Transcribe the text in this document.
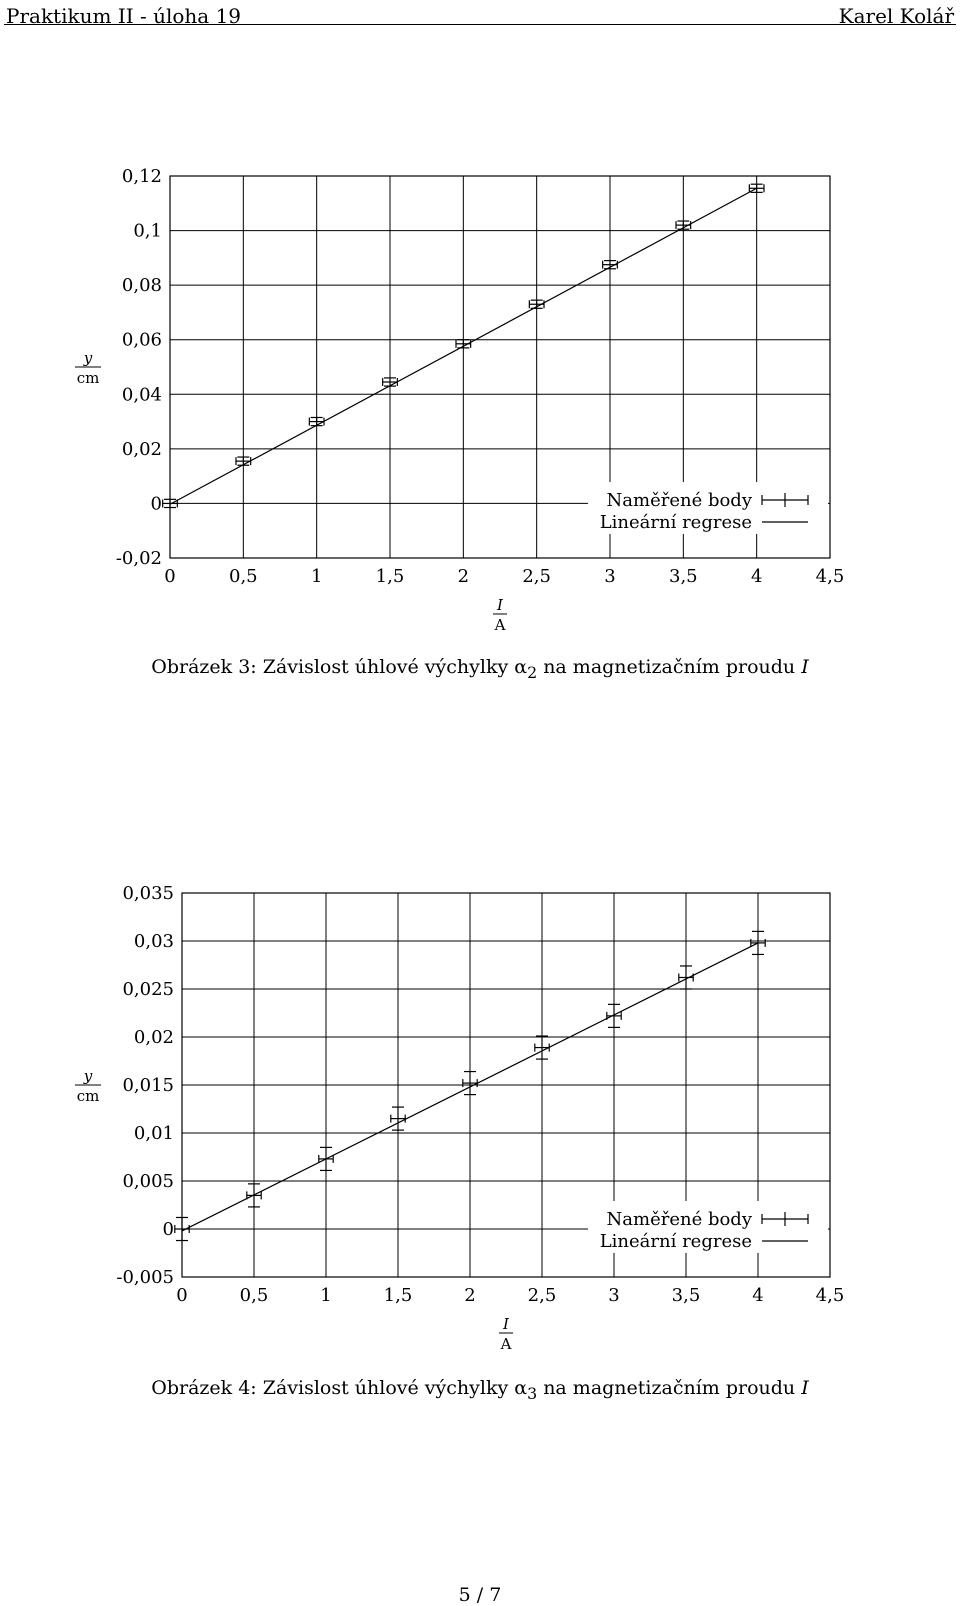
Praktikum II - úloha 19	Karel Kolář
0	0,5	1	1,5	2	2,5	3	3,5	4	4,5
-0,02
0
0,02
0,04
0,06
0,08
0,1
0,12
I
A
y
cm
Naměřené body
Lineární regrese
Obrázek 3: Závislost úhlové výchylky $\alpha_2$ na magnetizačním proudu I
0	0,5	1	1,5	2	2,5	3	3,5	4	4,5
-0,005
0
0,005
0,01
0,015
0,02
0,025
0,03
0,035
I
A
y
cm
Naměřené body
Lineární regrese
Obrázek 4: Závislost úhlové výchylky $\alpha_3$ na magnetizačním proudu I
5 / 7
